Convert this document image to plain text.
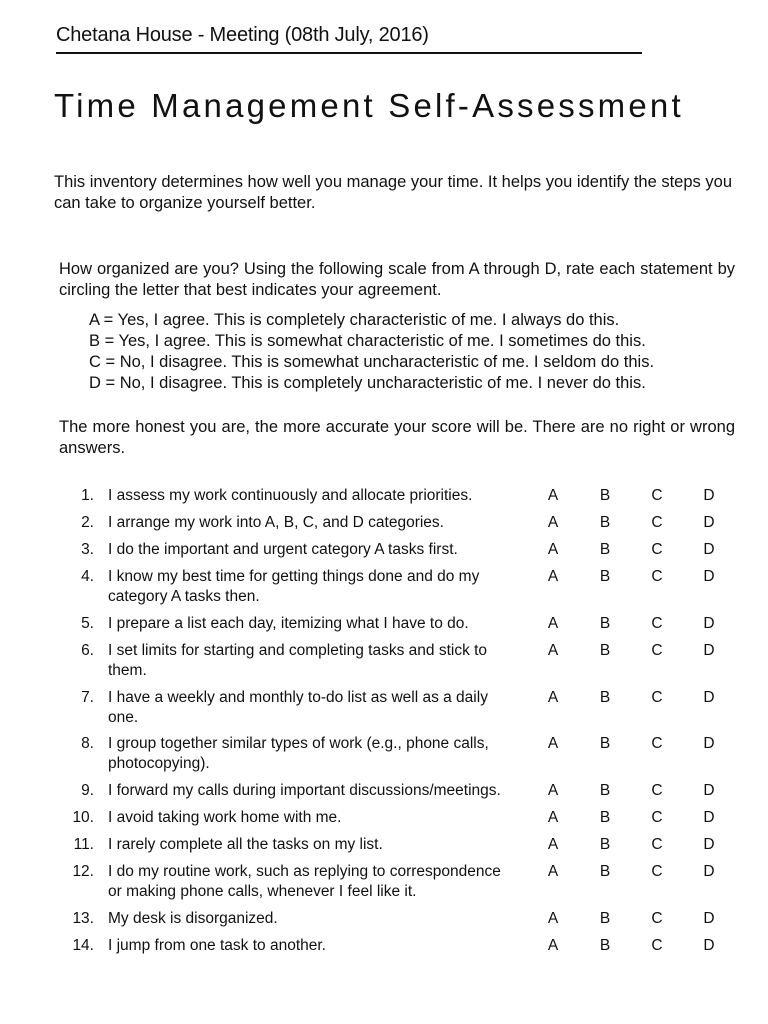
Chetana House - Meeting (08th July, 2016)
Time Management Self-Assessment
This inventory determines how well you manage your time. It helps you identify the steps you can take to organize yourself better.
How organized are you? Using the following scale from A through D, rate each statement by circling the letter that best indicates your agreement.
A = Yes, I agree. This is completely characteristic of me. I always do this.
B = Yes, I agree. This is somewhat characteristic of me. I sometimes do this.
C = No, I disagree. This is somewhat uncharacteristic of me. I seldom do this.
D = No, I disagree. This is completely uncharacteristic of me. I never do this.
The more honest you are, the more accurate your score will be. There are no right or wrong answers.
1. I assess my work continuously and allocate priorities.	A	B	C	D
2. I arrange my work into A, B, C, and D categories.	A	B	C	D
3. I do the important and urgent category A tasks first.	A	B	C	D
4. I know my best time for getting things done and do my category A tasks then.
A	B	C	D
5. I prepare a list each day, itemizing what I have to do.	A	B	C	D
6. I set limits for starting and completing tasks and stick to them.
A	B	C	D
7. I have a weekly and monthly to-do list as well as a daily one.
A	B	C	D
8. I group together similar types of work (e.g., phone calls, photocopying).
A	B	C	D
9. I forward my calls during important discussions/meetings.	A	B	C	D
10. I avoid taking work home with me.	A	B	C	D
11. I rarely complete all the tasks on my list.	A	B	C	D
12. I do my routine work, such as replying to correspondence or making phone calls, whenever I feel like it.
A	B	C	D
13. My desk is disorganized.	A	B	C	D
14. I jump from one task to another.	A	B	C	D
